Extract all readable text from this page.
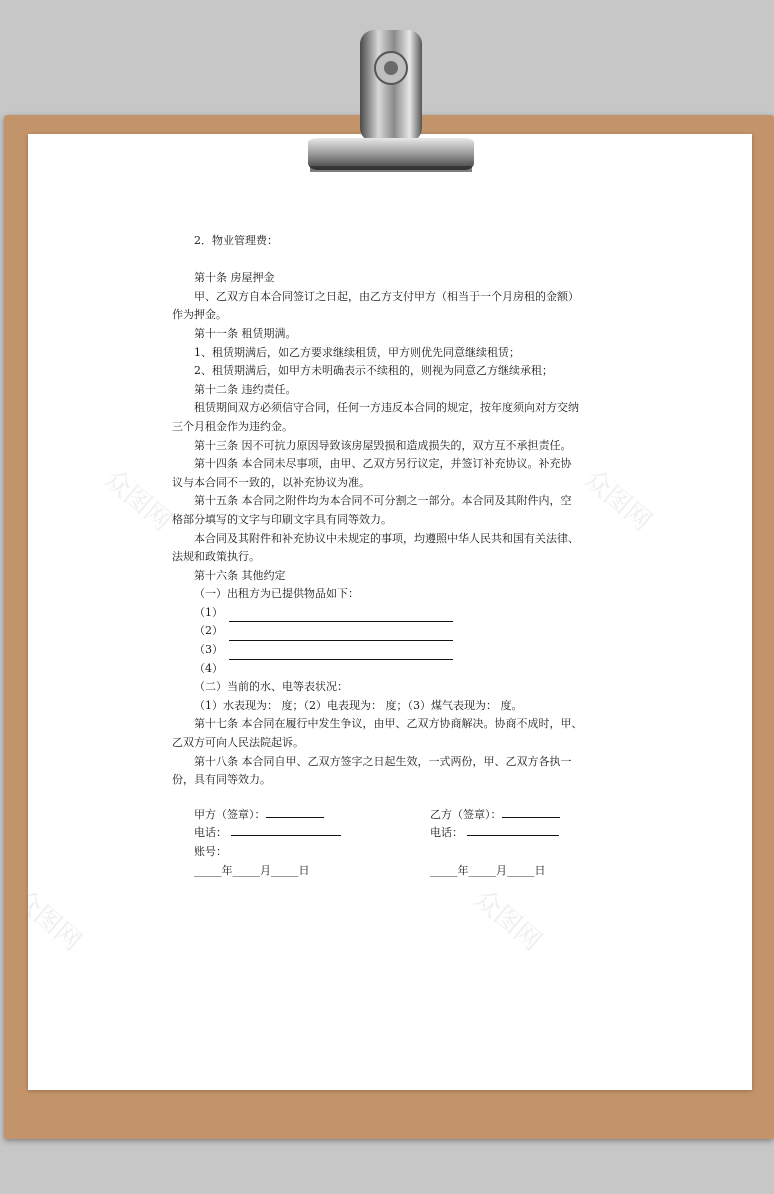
2．物业管理费：
第十条 房屋押金
甲、乙双方自本合同签订之日起，由乙方支付甲方（相当于一个月房租的金额）
作为押金。
第十一条 租赁期满。
1、租赁期满后，如乙方要求继续租赁，甲方则优先同意继续租赁；
2、租赁期满后，如甲方未明确表示不续租的，则视为同意乙方继续承租；
第十二条 违约责任。
租赁期间双方必须信守合同，任何一方违反本合同的规定，按年度须向对方交纳
三个月租金作为违约金。
第十三条 因不可抗力原因导致该房屋毁损和造成损失的，双方互不承担责任。
第十四条 本合同未尽事项，由甲、乙双方另行议定，并签订补充协议。补充协
议与本合同不一致的，以补充协议为准。
第十五条 本合同之附件均为本合同不可分割之一部分。本合同及其附件内，空
格部分填写的文字与印刷文字具有同等效力。
本合同及其附件和补充协议中未规定的事项，均遵照中华人民共和国有关法律、
法规和政策执行。
第十六条 其他约定
（一）出租方为已提供物品如下：
（1）
（2）
（3）
（4）
（二）当前的水、电等表状况：
（1）水表现为： 度；（2）电表现为： 度；（3）煤气表现为： 度。
第十七条 本合同在履行中发生争议，由甲、乙双方协商解决。协商不成时，甲、
乙双方可向人民法院起诉。
第十八条 本合同自甲、乙双方签字之日起生效，一式两份，甲、乙双方各执一
份，具有同等效力。
甲方（签章）：
电话：
账号：
_____年_____月_____日
乙方（签章）：
电话：

_____年_____月_____日
